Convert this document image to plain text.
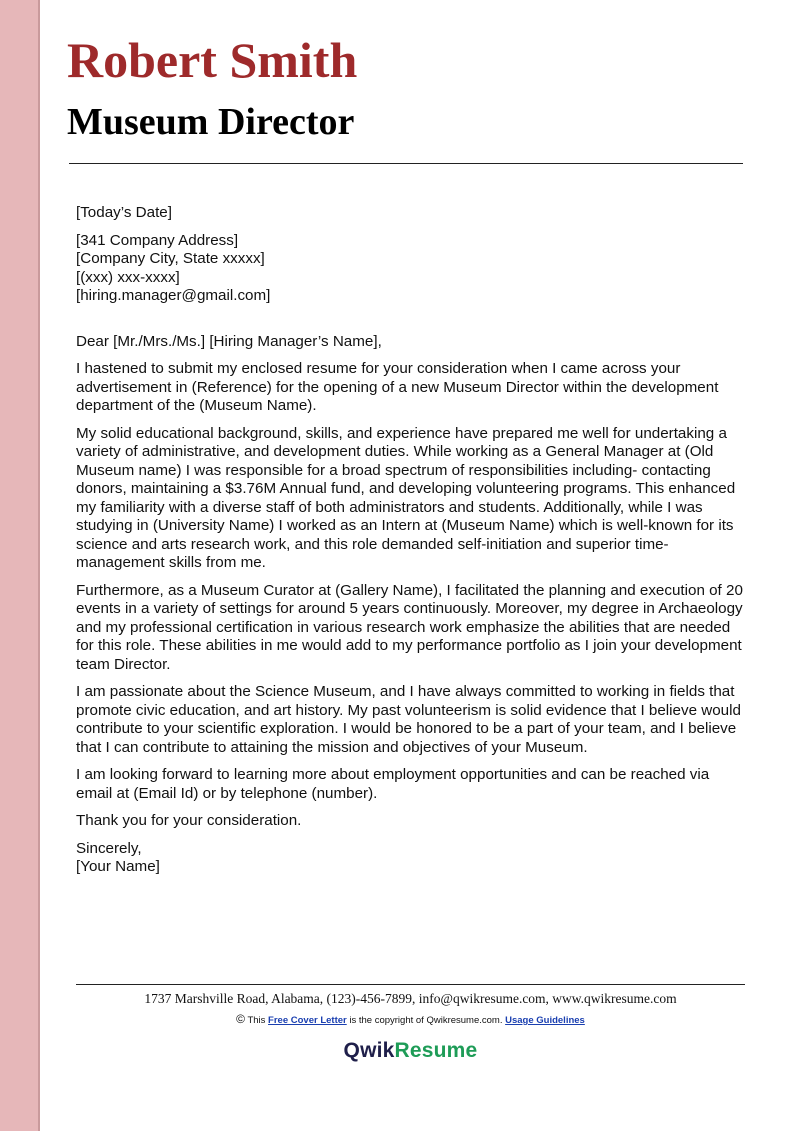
Robert Smith
Museum Director

[Today’s Date]

[341 Company Address]

[Company City, State xxxxx]

[(xxx) xxx-xxxx]

[hiring.manager@gmail.com]

Dear [Mr./Mrs./Ms.] [Hiring Manager’s Name],

I hastened to submit my enclosed resume for your consideration when I came across your advertisement in (Reference) for the opening of a new Museum Director within the development department of the (Museum Name).

My solid educational background, skills, and experience have prepared me well for undertaking a variety of administrative, and development duties. While working as a General Manager at (Old Museum name) I was responsible for a broad spectrum of responsibilities including- contacting donors, maintaining a $3.76M Annual fund, and developing volunteering programs. This enhanced my familiarity with a diverse staff of both administrators and students. Additionally, while I was studying in (University Name) I worked as an Intern at (Museum Name) which is well-known for its science and arts research work, and this role demanded self-initiation and superior time-management skills from me.

Furthermore, as a Museum Curator at (Gallery Name), I facilitated the planning and execution of 20 events in a variety of settings for around 5 years continuously. Moreover, my degree in Archaeology and my professional certification in various research work emphasize the abilities that are needed for this role. These abilities in me would add to my performance portfolio as I join your development team Director.

I am passionate about the Science Museum, and I have always committed to working in fields that promote civic education, and art history. My past volunteerism is solid evidence that I believe would contribute to your scientific exploration. I would be honored to be a part of your team, and I believe that I can contribute to attaining the mission and objectives of your Museum.

I am looking forward to learning more about employment opportunities and can be reached via email at (Email Id) or by telephone (number).

Thank you for your consideration.

Sincerely,

[Your Name]

1737 Marshville Road, Alabama, (123)-456-7899, info@qwikresume.com, www.qwikresume.com
© This Free Cover Letter is the copyright of Qwikresume.com. Usage Guidelines
QwikResume
